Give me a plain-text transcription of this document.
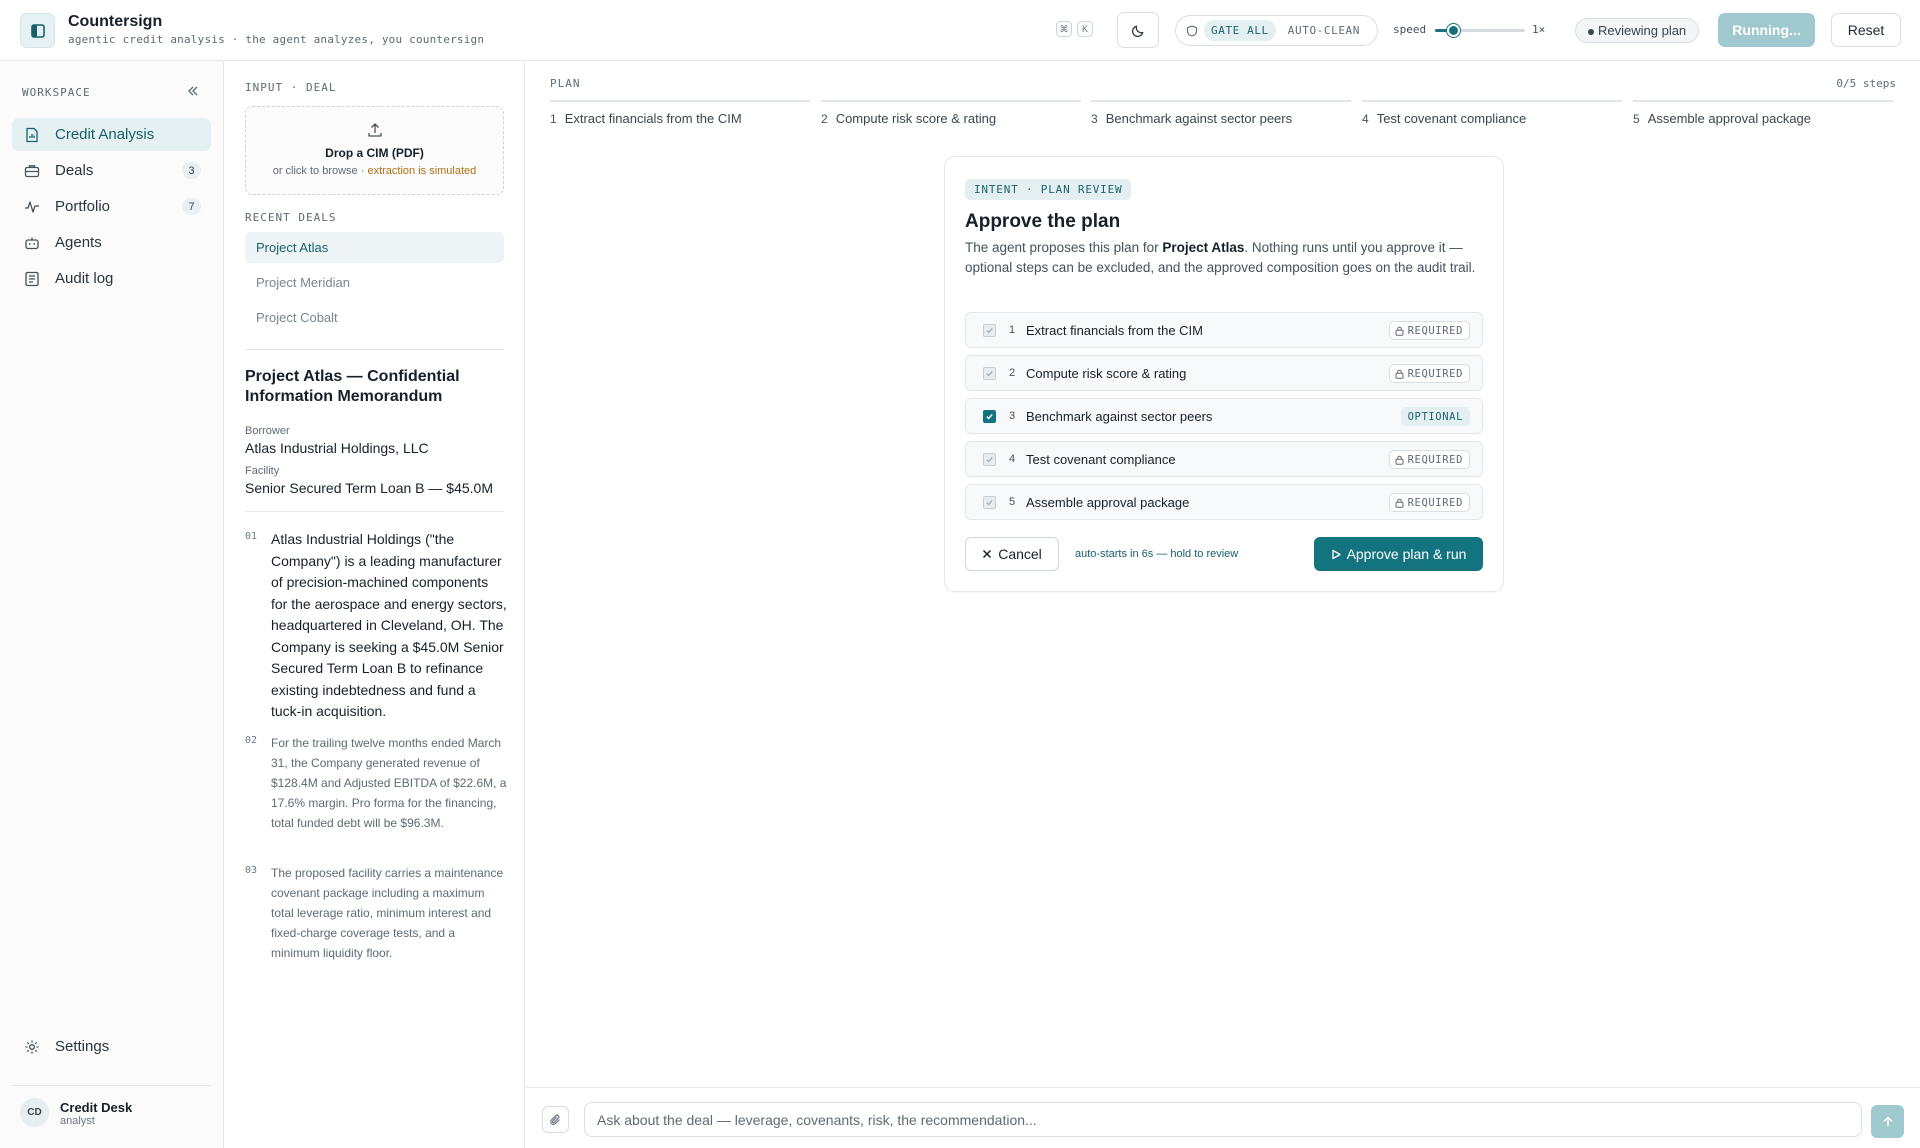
Countersign
agentic credit analysis · the agent analyzes, you countersign
⌘	K	GATE ALL	AUTO-CLEAN	speed	1×	Reviewing plan	Running...	Reset
WORKSPACE
Credit Analysis
Deals	3
Portfolio	7
Agents
Audit log
Settings
CD	Credit Desk
analyst
INPUT · DEAL
Drop a CIM (PDF)
or click to browse · extraction is simulated
RECENT DEALS
Project Atlas
Project Meridian
Project Cobalt
Project Atlas — Confidential Information Memorandum
Borrower
Atlas Industrial Holdings, LLC
Facility
Senior Secured Term Loan B — $45.0M
01 Atlas Industrial Holdings ("the Company") is a leading manufacturer of precision-machined components for the aerospace and energy sectors, headquartered in Cleveland, OH. The Company is seeking a $45.0M Senior Secured Term Loan B to refinance existing indebtedness and fund a tuck-in acquisition.
02 For the trailing twelve months ended March 31, the Company generated revenue of $128.4M and Adjusted EBITDA of $22.6M, a 17.6% margin. Pro forma for the financing, total funded debt will be $96.3M.
03 The proposed facility carries a maintenance covenant package including a maximum total leverage ratio, minimum interest and fixed-charge coverage tests, and a minimum liquidity floor.
PLAN	0/5 steps
1 Extract financials from the CIM	2 Compute risk score & rating	3 Benchmark against sector peers	4 Test covenant compliance	5 Assemble approval package
INTENT · PLAN REVIEW
Approve the plan
The agent proposes this plan for Project Atlas. Nothing runs until you approve it — optional steps can be excluded, and the approved composition goes on the audit trail.
1 Extract financials from the CIM	REQUIRED
2 Compute risk score & rating	REQUIRED
3 Benchmark against sector peers	OPTIONAL
4 Test covenant compliance	REQUIRED
5 Assemble approval package	REQUIRED
Cancel	auto-starts in 6s — hold to review	Approve plan & run
Ask about the deal — leverage, covenants, risk, the recommendation...
